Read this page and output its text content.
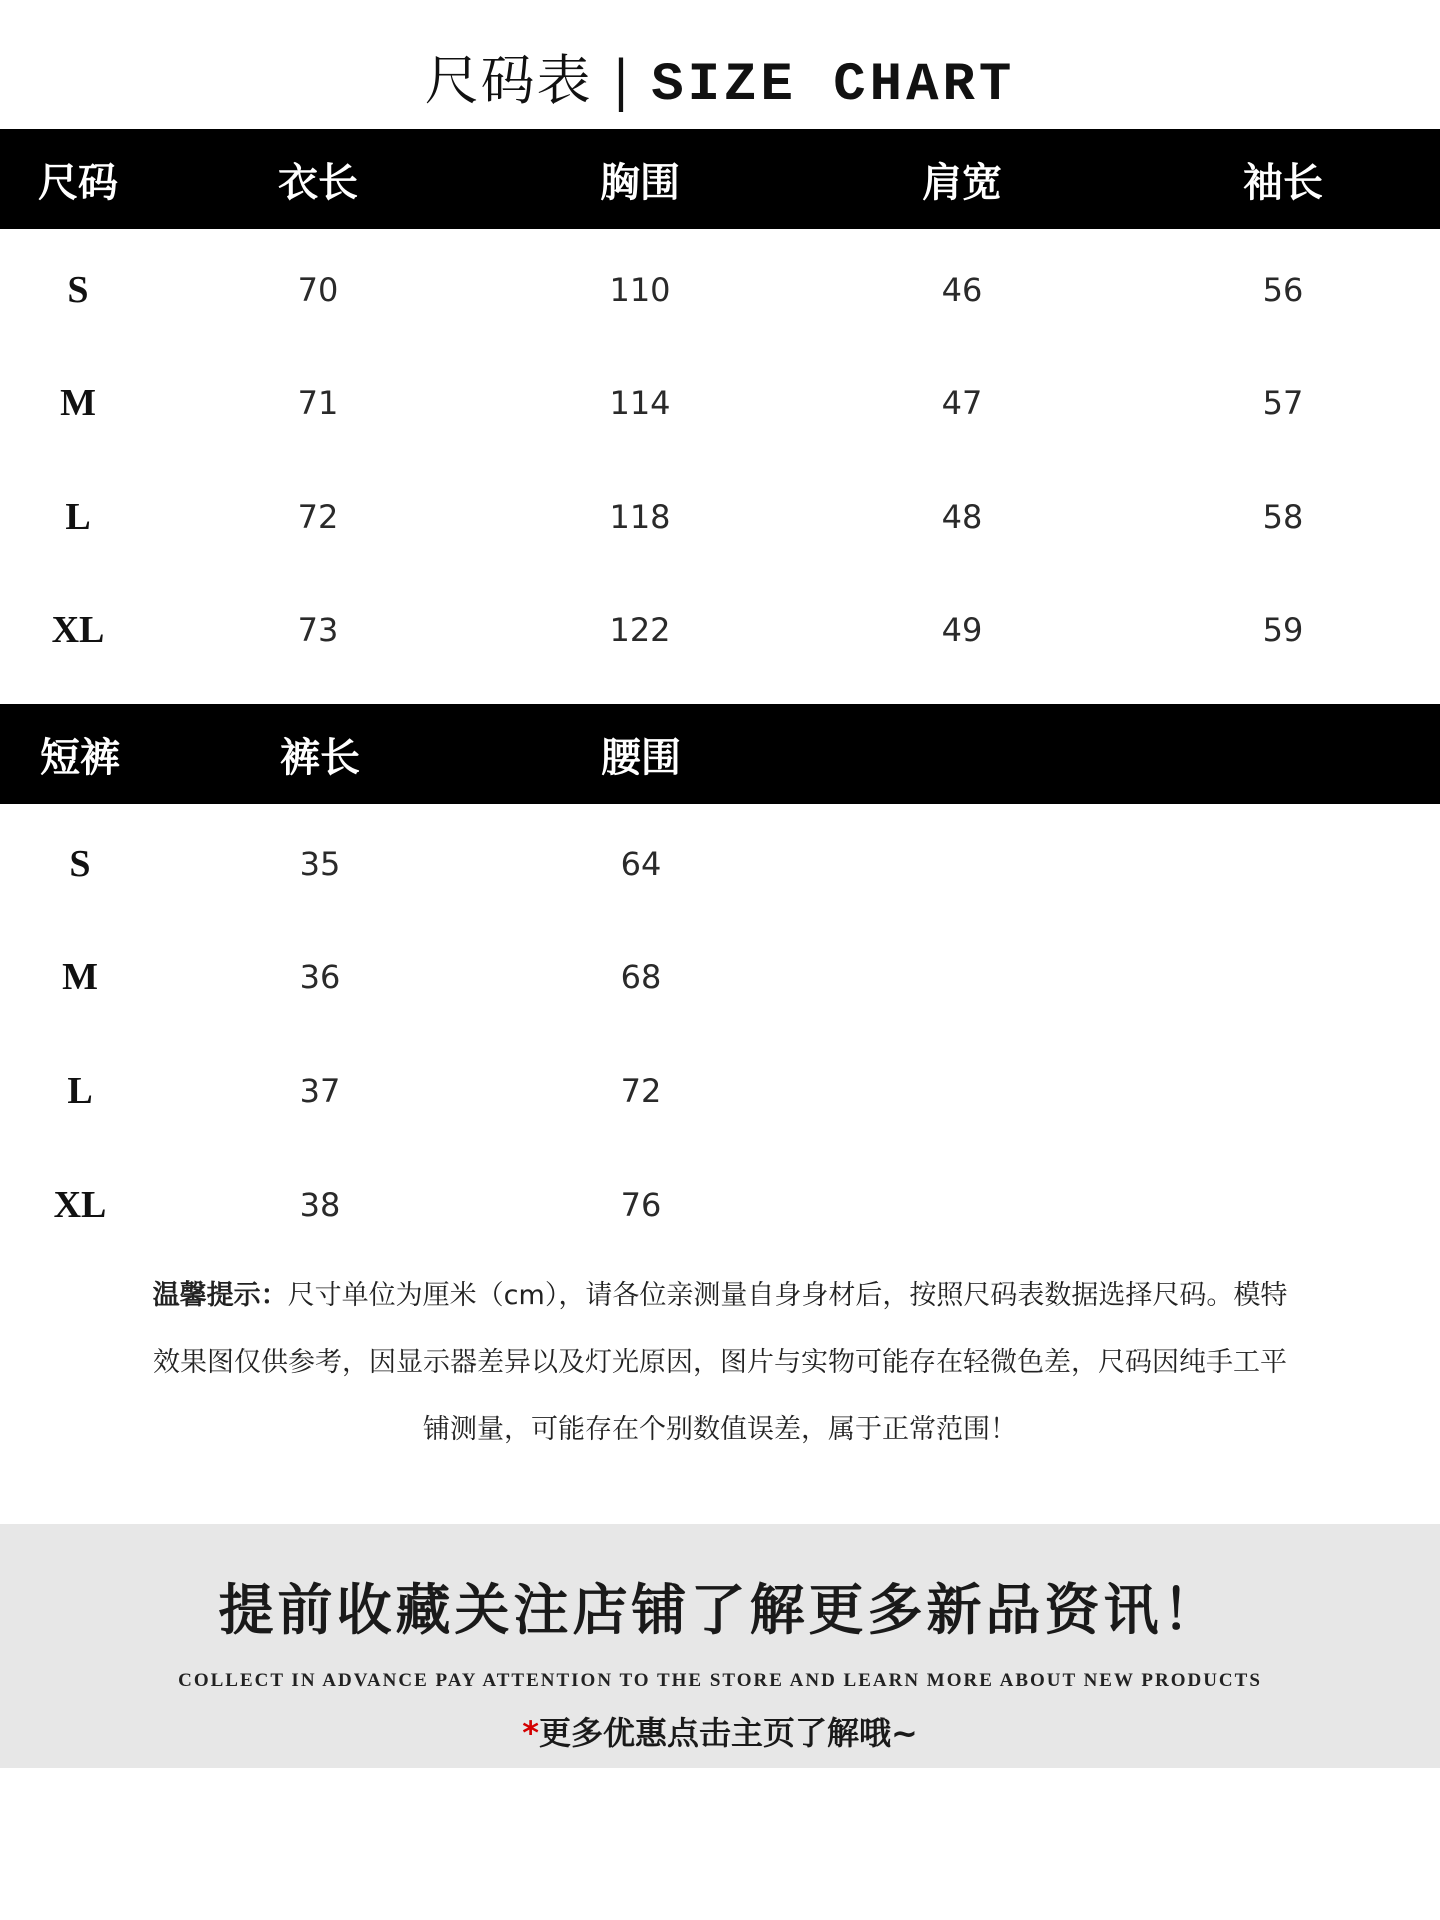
尺码表 | SIZE CHART
尺码	衣长	胸围	肩宽	袖长
S	70	110	46	56
M	71	114	47	57
L	72	118	48	58
XL	73	122	49	59
短裤	裤长	腰围
S	35	64
M	36	68
L	37	72
XL	38	76
温馨提示：尺寸单位为厘米（cm），请各位亲测量自身身材后，按照尺码表数据选择尺码。模特效果图仅供参考，因显示器差异以及灯光原因，图片与实物可能存在轻微色差，尺码因纯手工平铺测量，可能存在个别数值误差，属于正常范围！
提前收藏关注店铺了解更多新品资讯！
COLLECT IN ADVANCE PAY ATTENTION TO THE STORE AND LEARN MORE ABOUT NEW PRODUCTS
*更多优惠点击主页了解哦~
